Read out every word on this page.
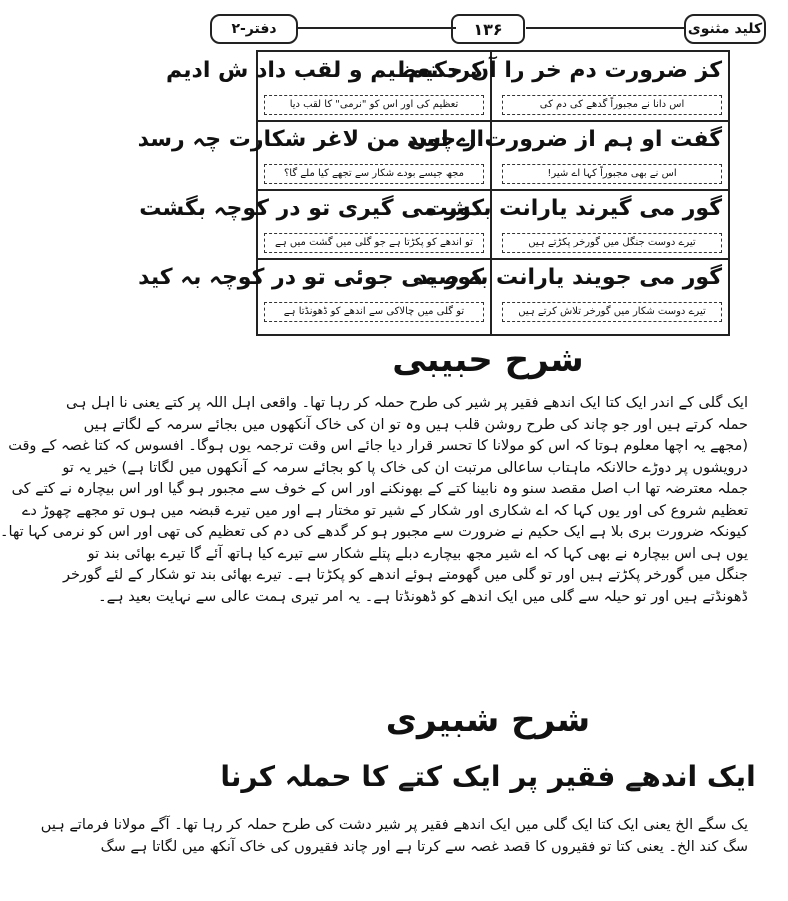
کلید مثنوی
۱۳۶
دفتر-۲
کز ضرورت دم خر را آں حکیم
اس دانا نے مجبوراً گدھے کی دم کی
کرد تعظیم و لقب داد ش ادیم
تعظیم کی اور اس کو "نرمی" کا لقب دیا
گفت او ہم از ضرورت اے اسد
اس نے بھی مجبوراً کہا اے شیر!
از چوں من لاغر شکارت چہ رسد
مجھ جیسے بودے شکار سے تجھے کیا ملے گا؟
گور می گیرند یارانت بدشت
تیرے دوست جنگل میں گورخر پکڑتے ہیں
کور می گیری تو در کوچہ بگشت
تو اندھے کو پکڑتا ہے جو گلی میں گشت میں ہے
گور می جویند یارانت بہ صید
تیرے دوست شکار میں گورخر تلاش کرتے ہیں
کور می جوئی تو در کوچہ بہ کید
تو گلی میں چالاکی سے اندھے کو ڈھونڈتا ہے
شرح حبیبی
ایک گلی کے اندر ایک کتا ایک اندھے فقیر پر شیر کی طرح حملہ کر رہا تھا۔ واقعی اہل اللہ پر کتے یعنی نا اہل ہی
حملہ کرتے ہیں اور جو چاند کی طرح روشن قلب ہیں وہ تو ان کی خاک آنکھوں میں بجائے سرمہ کے لگاتے ہیں
(مجھے یہ اچھا معلوم ہوتا کہ اس کو مولانا کا تحسر قرار دیا جائے اس وقت ترجمہ یوں ہوگا۔ افسوس کہ کتا غصہ کے وقت
درویشوں پر دوڑے حالانکہ ماہتاب ساعالی مرتبت ان کی خاک پا کو بجائے سرمہ کے آنکھوں میں لگاتا ہے) خیر یہ تو
جملہ معترضہ تھا اب اصل مقصد سنو وہ نابینا کتے کے بھونکنے اور اس کے خوف سے مجبور ہو گیا اور اس بیچارہ نے کتے کی
تعظیم شروع کی اور یوں کہا کہ اے شکاری اور شکار کے شیر تو مختار ہے اور میں تیرے قبضہ میں ہوں تو مجھے چھوڑ دے
کیونکہ ضرورت بری بلا ہے ایک حکیم نے ضرورت سے مجبور ہو کر گدھے کی دم کی تعظیم کی تھی اور اس کو نرمی کہا تھا۔
یوں ہی اس بیچارہ نے بھی کہا کہ اے شیر مجھ بیچارے دبلے پتلے شکار سے تیرے کیا ہاتھ آئے گا تیرے بھائی بند تو
جنگل میں گورخر پکڑتے ہیں اور تو گلی میں گھومتے ہوئے اندھے کو پکڑتا ہے۔ تیرے بھائی بند تو شکار کے لئے گورخر
ڈھونڈتے ہیں اور تو حیلہ سے گلی میں ایک اندھے کو ڈھونڈتا ہے۔ یہ امر تیری ہمت عالی سے نہایت بعید ہے۔
شرح شبیری
ایک اندھے فقیر پر ایک کتے کا حملہ کرنا
یک سگے الخ یعنی ایک کتا ایک گلی میں ایک اندھے فقیر پر شیر دشت کی طرح حملہ کر رہا تھا۔ آگے مولانا فرماتے ہیں
سگ کند الخ۔ یعنی کتا تو فقیروں کا قصد غصہ سے کرتا ہے اور چاند فقیروں کی خاک آنکھ میں لگاتا ہے سگ
